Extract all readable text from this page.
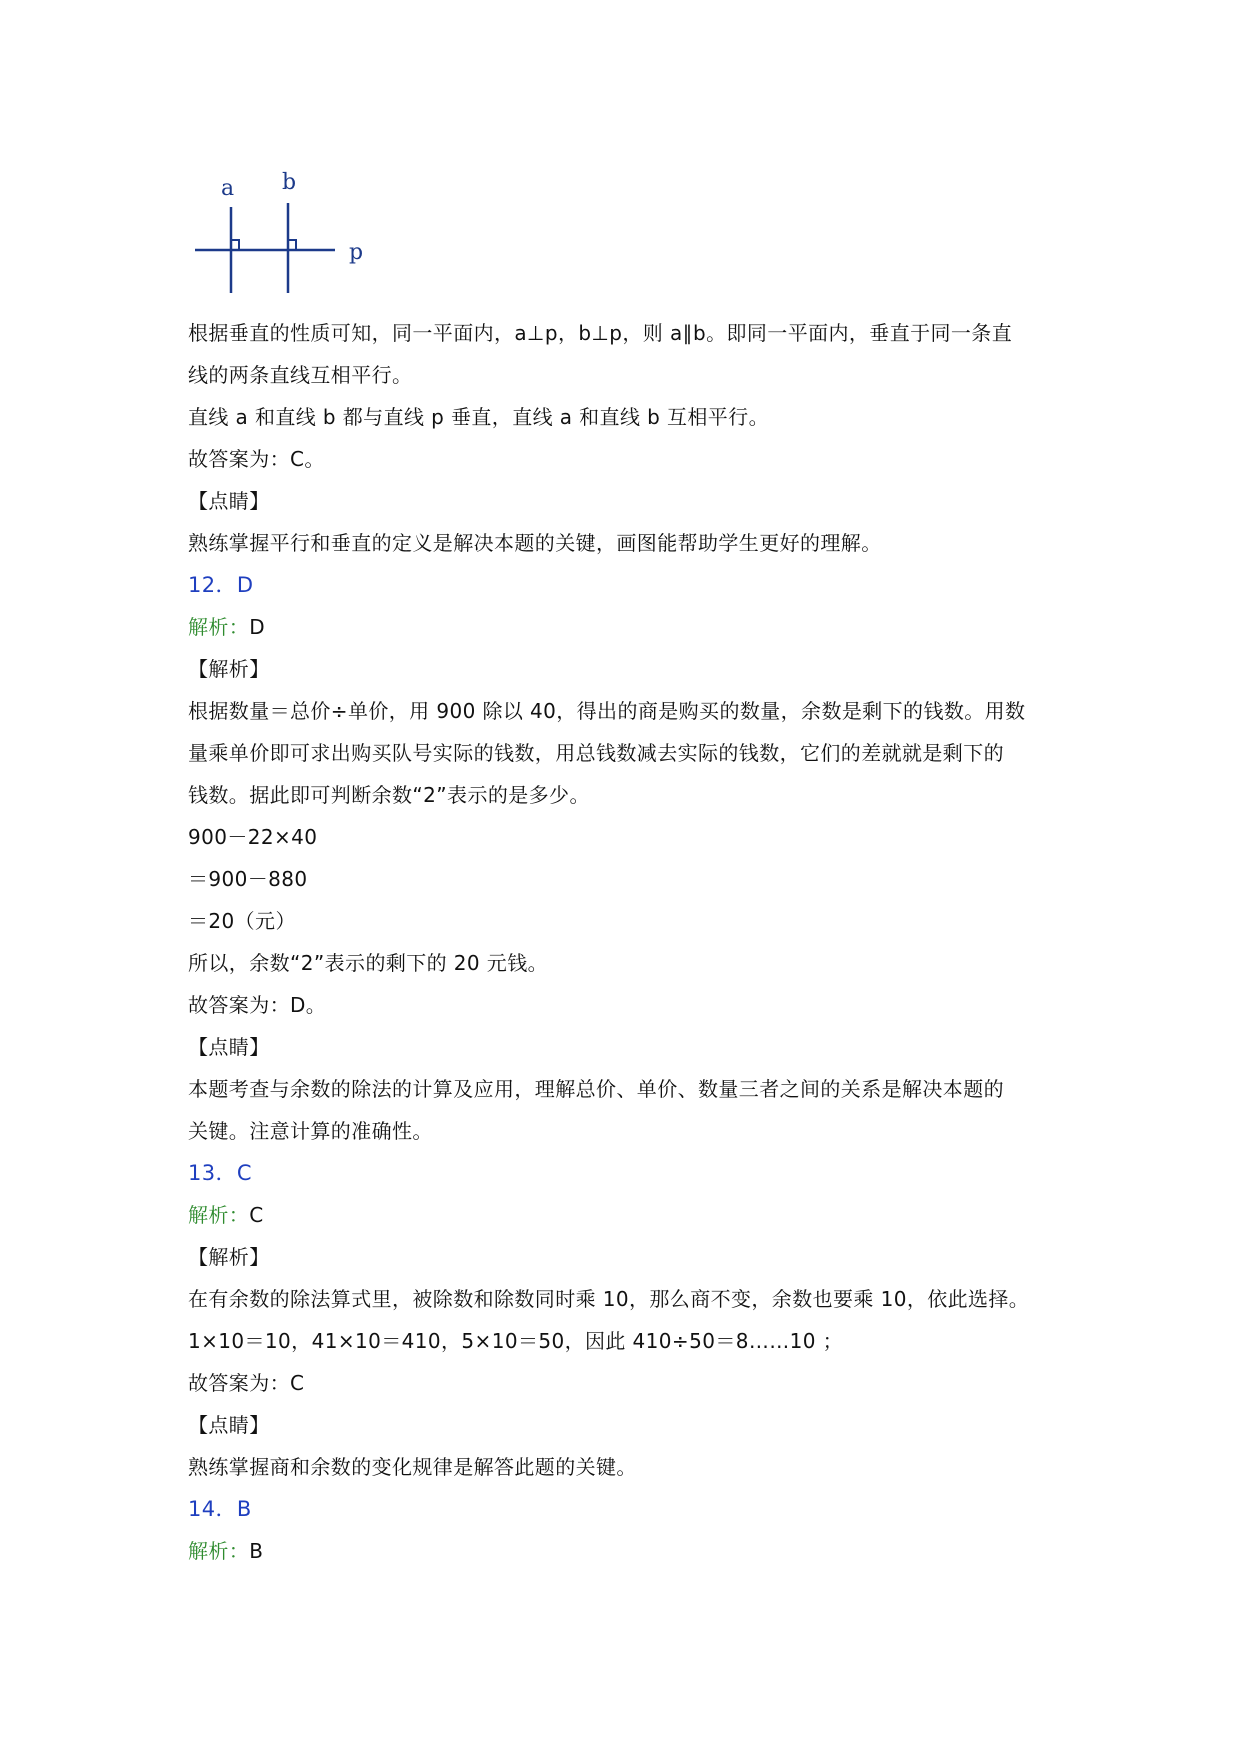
a b
p
根据垂直的性质可知，同一平面内，a⊥p，b⊥p，则 a∥b。即同一平面内，垂直于同一条直
线的两条直线互相平行。
直线 a 和直线 b 都与直线 p 垂直，直线 a 和直线 b 互相平行。
故答案为：C。
【点睛】
熟练掌握平行和垂直的定义是解决本题的关键，画图能帮助学生更好的理解。
12．D
解析：D
【解析】
根据数量＝总价÷单价，用 900 除以 40，得出的商是购买的数量，余数是剩下的钱数。用数
量乘单价即可求出购买队号实际的钱数，用总钱数减去实际的钱数，它们的差就就是剩下的
钱数。据此即可判断余数“2”表示的是多少。
900－22×40
＝900－880
＝20（元）
所以，余数“2”表示的剩下的 20 元钱。
故答案为：D。
【点睛】
本题考查与余数的除法的计算及应用，理解总价、单价、数量三者之间的关系是解决本题的
关键。注意计算的准确性。
13．C
解析：C
【解析】
在有余数的除法算式里，被除数和除数同时乘 10，那么商不变，余数也要乘 10，依此选择。
1×10＝10，41×10＝410，5×10＝50，因此 410÷50＝8……10 ；
故答案为：C
【点睛】
熟练掌握商和余数的变化规律是解答此题的关键。
14．B
解析：B
